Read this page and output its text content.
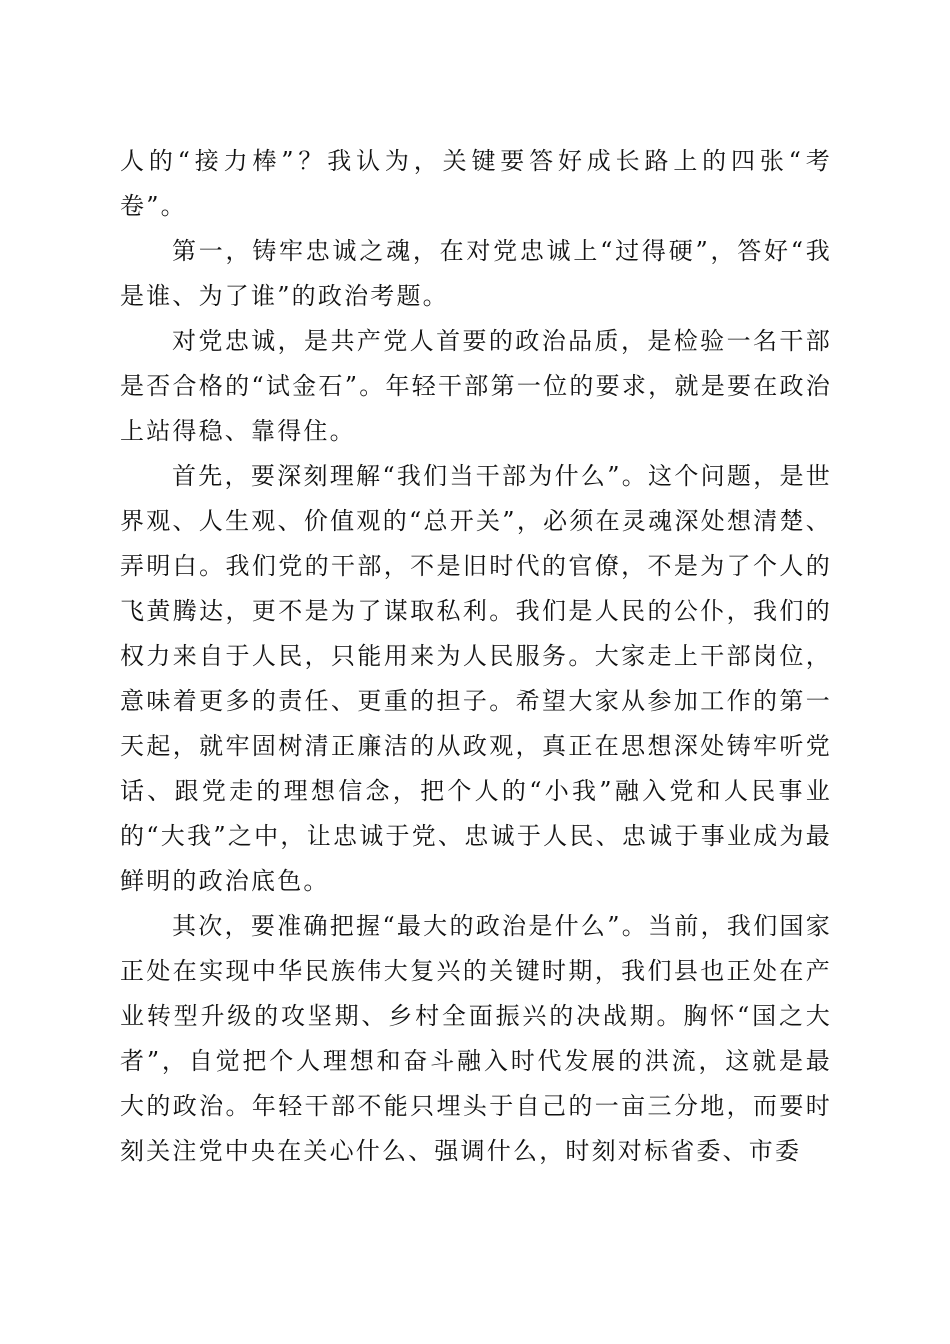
人的“接力棒”？我认为，关键要答好成长路上的四张“考卷”。

第一，铸牢忠诚之魂，在对党忠诚上“过得硬”，答好“我是谁、为了谁”的政治考题。

对党忠诚，是共产党人首要的政治品质，是检验一名干部是否合格的“试金石”。年轻干部第一位的要求，就是要在政治上站得稳、靠得住。

首先，要深刻理解“我们当干部为什么”。这个问题，是世界观、人生观、价值观的“总开关”，必须在灵魂深处想清楚、弄明白。我们党的干部，不是旧时代的官僚，不是为了个人的飞黄腾达，更不是为了谋取私利。我们是人民的公仆，我们的权力来自于人民，只能用来为人民服务。大家走上干部岗位，意味着更多的责任、更重的担子。希望大家从参加工作的第一天起，就牢固树清正廉洁的从政观，真正在思想深处铸牢听党话、跟党走的理想信念，把个人的“小我”融入党和人民事业的“大我”之中，让忠诚于党、忠诚于人民、忠诚于事业成为最鲜明的政治底色。

其次，要准确把握“最大的政治是什么”。当前，我们国家正处在实现中华民族伟大复兴的关键时期，我们县也正处在产业转型升级的攻坚期、乡村全面振兴的决战期。胸怀“国之大者”，自觉把个人理想和奋斗融入时代发展的洪流，这就是最大的政治。年轻干部不能只埋头于自己的一亩三分地，而要时刻关注党中央在关心什么、强调什么，时刻对标省委、市委
